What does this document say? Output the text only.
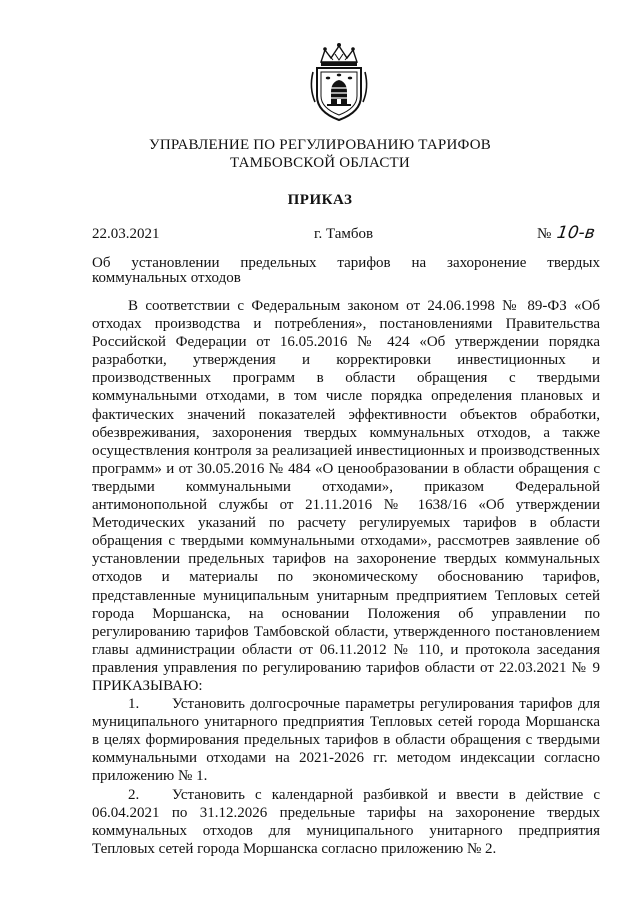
УПРАВЛЕНИЕ ПО РЕГУЛИРОВАНИЮ ТАРИФОВ
ТАМБОВСКОЙ ОБЛАСТИ
ПРИКАЗ
22.03.2021	г. Тамбов	№ 10-в
Об установлении предельных тарифов на захоронение твердых
коммунальных отходов

В соответствии с Федеральным законом от 24.06.1998 № 89-ФЗ «Об отходах производства и потребления», постановлениями Правительства Российской Федерации от 16.05.2016 № 424 «Об утверждении порядка разработки, утверждения и корректировки инвестиционных и производственных программ в области обращения с твердыми коммунальными отходами, в том числе порядка определения плановых и фактических значений показателей эффективности объектов обработки, обезвреживания, захоронения твердых коммунальных отходов, а также осуществления контроля за реализацией инвестиционных и производственных программ» и от 30.05.2016 № 484 «О ценообразовании в области обращения с твердыми коммунальными отходами», приказом Федеральной антимонопольной службы от 21.11.2016 № 1638/16 «Об утверждении Методических указаний по расчету регулируемых тарифов в области обращения с твердыми коммунальными отходами», рассмотрев заявление об установлении предельных тарифов на захоронение твердых коммунальных отходов и материалы по экономическому обоснованию тарифов, представленные муниципальным унитарным предприятием Тепловых сетей города Моршанска, на основании Положения об управлении по регулированию тарифов Тамбовской области, утвержденного постановлением главы администрации области от 06.11.2012 № 110, и протокола заседания правления управления по регулированию тарифов области от 22.03.2021 № 9 ПРИКАЗЫВАЮ:

1. Установить долгосрочные параметры регулирования тарифов для муниципального унитарного предприятия Тепловых сетей города Моршанска в целях формирования предельных тарифов в области обращения с твердыми коммунальными отходами на 2021-2026 гг. методом индексации согласно приложению № 1.

2. Установить с календарной разбивкой и ввести в действие с 06.04.2021 по 31.12.2026 предельные тарифы на захоронение твердых коммунальных отходов для муниципального унитарного предприятия Тепловых сетей города Моршанска согласно приложению № 2.
